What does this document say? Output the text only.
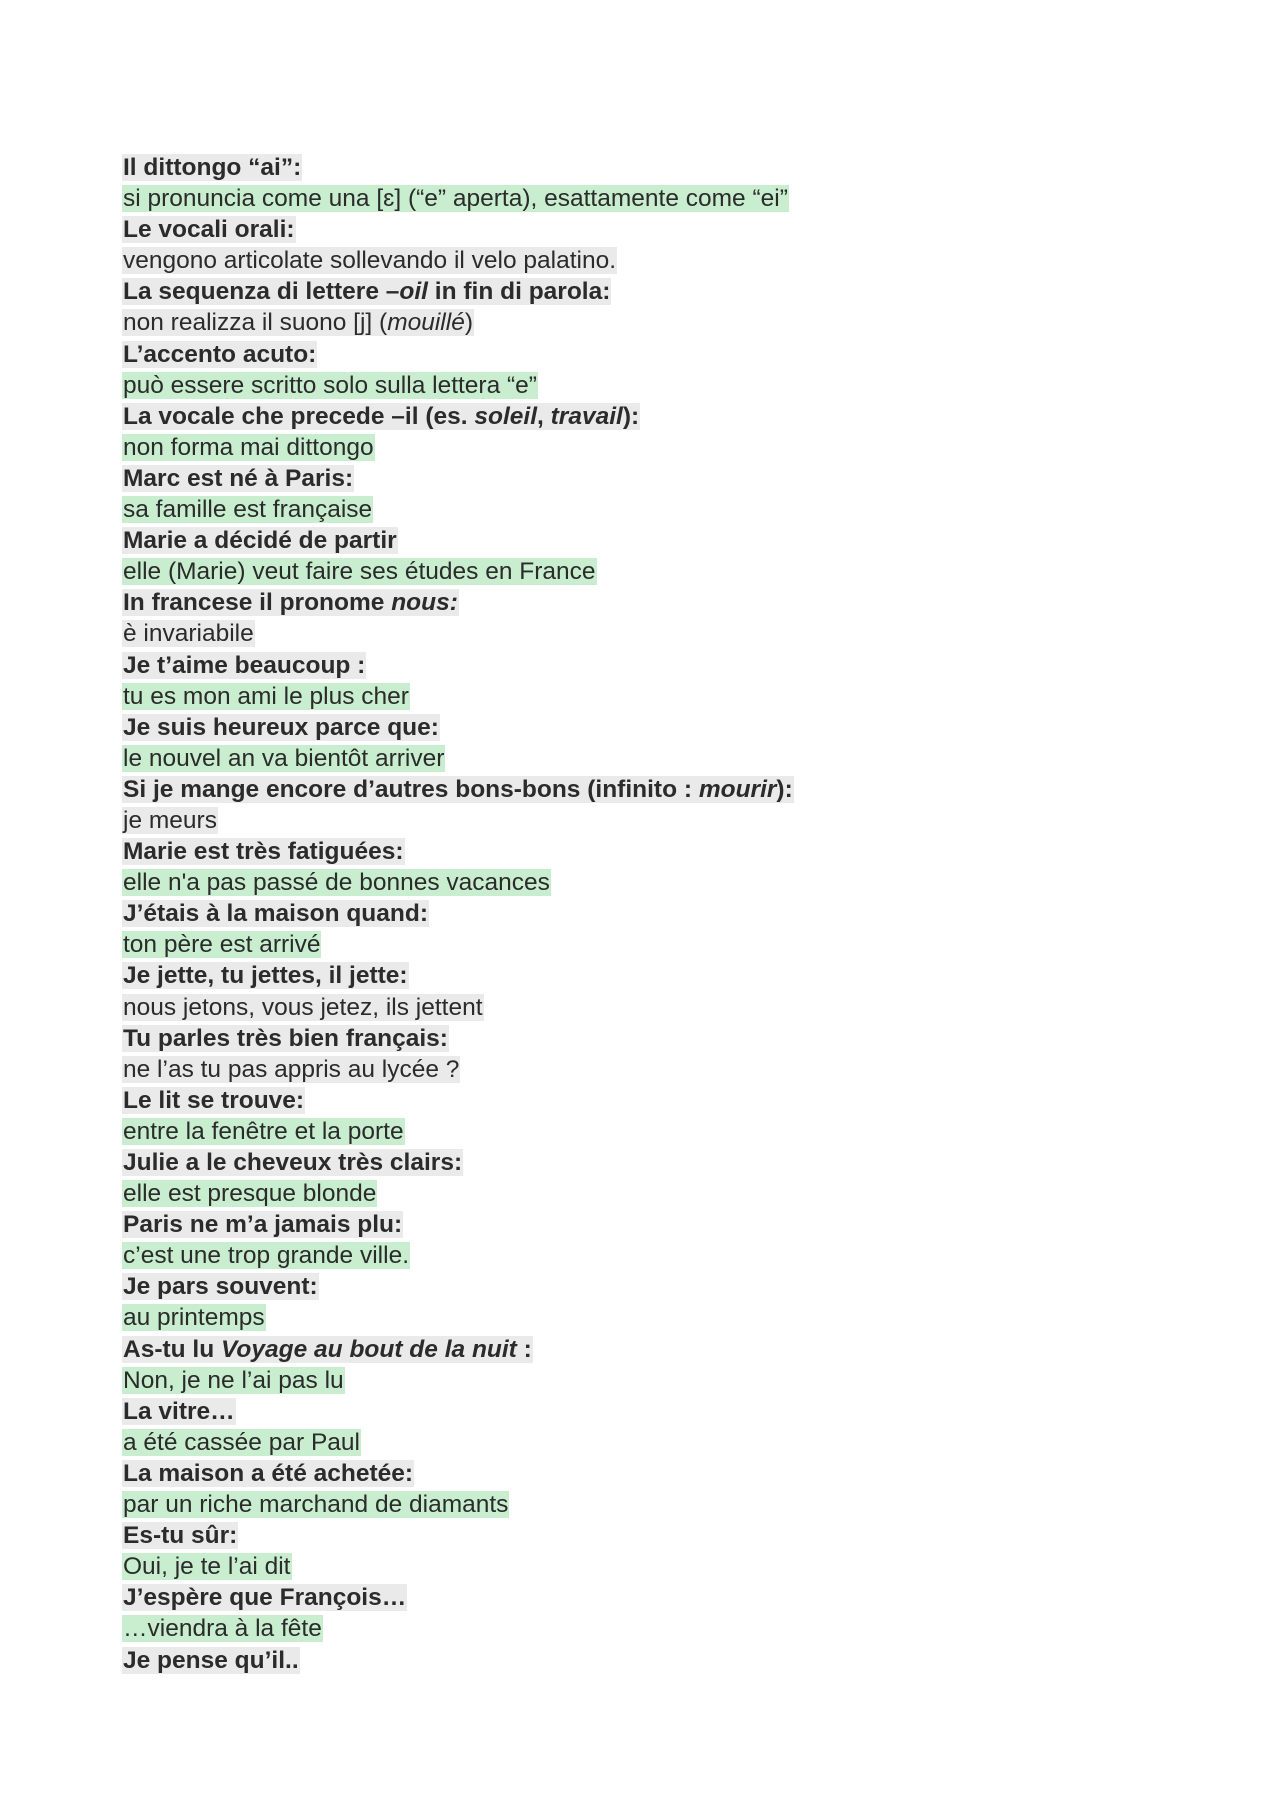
Il dittongo “ai”:
si pronuncia come una [ɛ] (“e” aperta), esattamente come “ei”
Le vocali orali:
vengono articolate sollevando il velo palatino.
La sequenza di lettere –oil in fin di parola:
non realizza il suono [j] (mouillé)
L’accento acuto:
può essere scritto solo sulla lettera “e”
La vocale che precede –il (es. soleil, travail):
non forma mai dittongo
Marc est né à Paris:
sa famille est française
Marie a décidé de partir
elle (Marie) veut faire ses études en France
In francese il pronome nous:
è invariabile
Je t’aime beaucoup :
tu es mon ami le plus cher
Je suis heureux parce que:
le nouvel an va bientôt arriver
Si je mange encore d’autres bons-bons (infinito : mourir):
je meurs
Marie est très fatiguées:
elle n'a pas passé de bonnes vacances
J’étais à la maison quand:
ton père est arrivé
Je jette, tu jettes, il jette:
nous jetons, vous jetez, ils jettent
Tu parles très bien français:
ne l’as tu pas appris au lycée ?
Le lit se trouve:
entre la fenêtre et la porte
Julie a le cheveux très clairs:
elle est presque blonde
Paris ne m’a jamais plu:
c’est une trop grande ville.
Je pars souvent:
au printemps
As-tu lu Voyage au bout de la nuit :
Non, je ne l’ai pas lu
La vitre…
a été cassée par Paul
La maison a été achetée:
par un riche marchand de diamants
Es-tu sûr:
Oui, je te l’ai dit
J’espère que François…
…viendra à la fête
Je pense qu’il..
